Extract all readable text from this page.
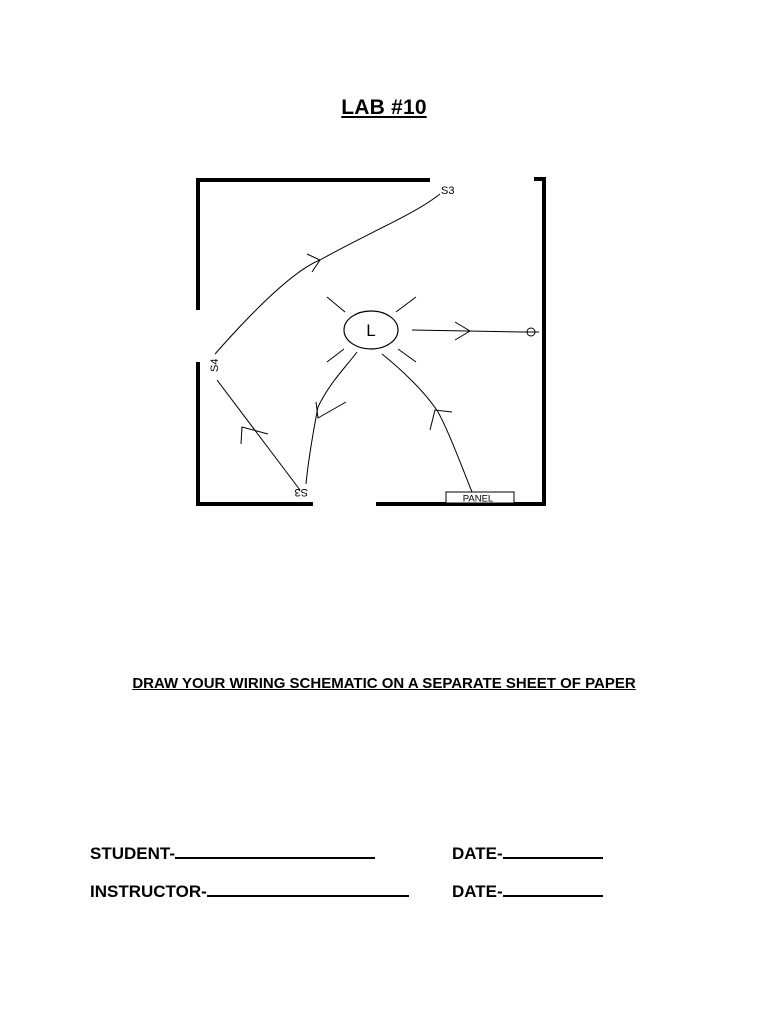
LAB #10
L
S3
S4
S3
PANEL
DRAW YOUR WIRING SCHEMATIC ON A SEPARATE SHEET OF PAPER
STUDENT-	DATE-
INSTRUCTOR-	DATE-
